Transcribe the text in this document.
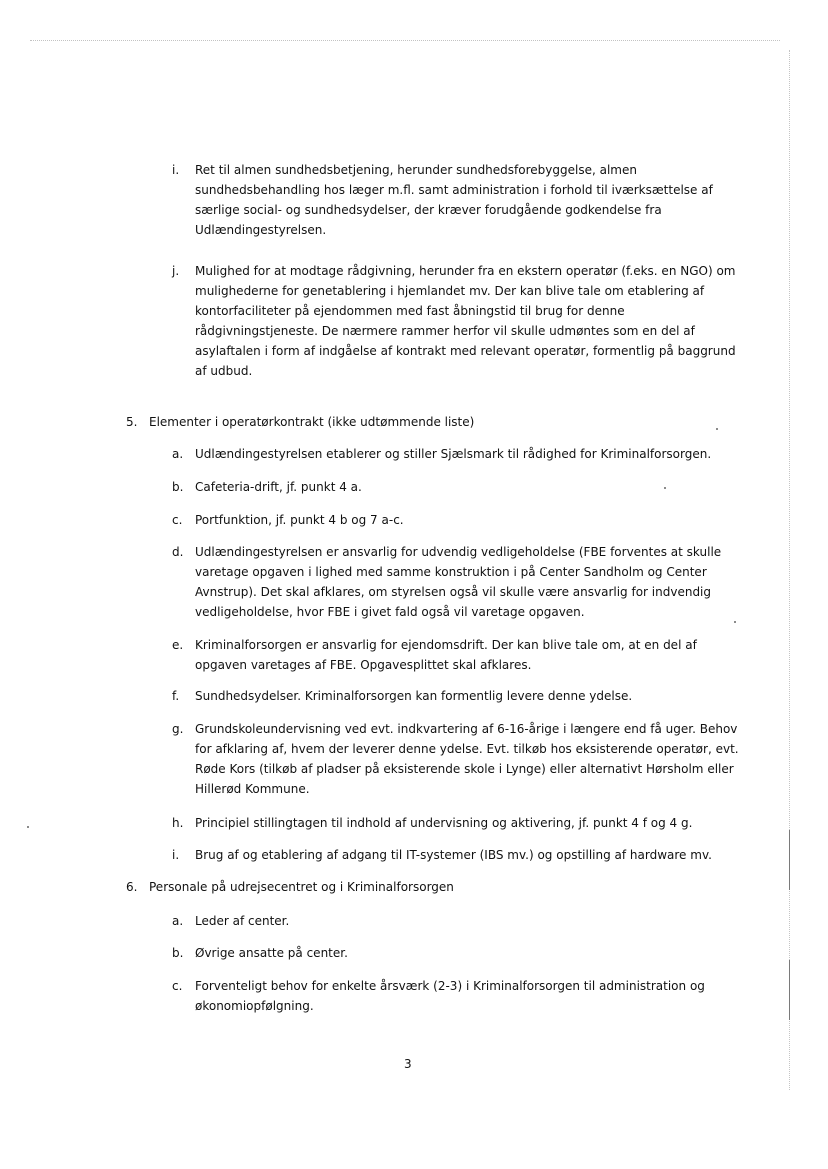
i.	Ret til almen sundhedsbetjening, herunder sundhedsforebyggelse, almen
sundhedsbehandling hos læger m.fl. samt administration i forhold til iværksættelse af
særlige social- og sundhedsydelser, der kræver forudgående godkendelse fra
Udlændingestyrelsen.
j.	Mulighed for at modtage rådgivning, herunder fra en ekstern operatør (f.eks. en NGO) om
mulighederne for genetablering i hjemlandet mv. Der kan blive tale om etablering af
kontorfaciliteter på ejendommen med fast åbningstid til brug for denne
rådgivningstjeneste. De nærmere rammer herfor vil skulle udmøntes som en del af
asylaftalen i form af indgåelse af kontrakt med relevant operatør, formentlig på baggrund
af udbud.
5. Elementer i operatørkontrakt (ikke udtømmende liste)
a. Udlændingestyrelsen etablerer og stiller Sjælsmark til rådighed for Kriminalforsorgen.
b. Cafeteria-drift, jf. punkt 4 a.
c.	Portfunktion, jf. punkt 4 b og 7 a-c.
d. Udlændingestyrelsen er ansvarlig for udvendig vedligeholdelse (FBE forventes at skulle
varetage opgaven i lighed med samme konstruktion i på Center Sandholm og Center
Avnstrup). Det skal afklares, om styrelsen også vil skulle være ansvarlig for indvendig
vedligeholdelse, hvor FBE i givet fald også vil varetage opgaven.
e. Kriminalforsorgen er ansvarlig for ejendomsdrift. Der kan blive tale om, at en del af
opgaven varetages af FBE. Opgavesplittet skal afklares.
f.	Sundhedsydelser. Kriminalforsorgen kan formentlig levere denne ydelse.
g. Grundskoleundervisning ved evt. indkvartering af 6-16-årige i længere end få uger. Behov
for afklaring af, hvem der leverer denne ydelse. Evt. tilkøb hos eksisterende operatør, evt.
Røde Kors (tilkøb af pladser på eksisterende skole i Lynge) eller alternativt Hørsholm eller
Hillerød Kommune.
h. Principiel stillingtagen til indhold af undervisning og aktivering, jf. punkt 4 f og 4 g.
i.	Brug af og etablering af adgang til IT-systemer (IBS mv.) og opstilling af hardware mv.
6. Personale på udrejsecentret og i Kriminalforsorgen
a. Leder af center.
b. Øvrige ansatte på center.
c.	Forventeligt behov for enkelte årsværk (2-3) i Kriminalforsorgen til administration og
økonomiopfølgning.
3
